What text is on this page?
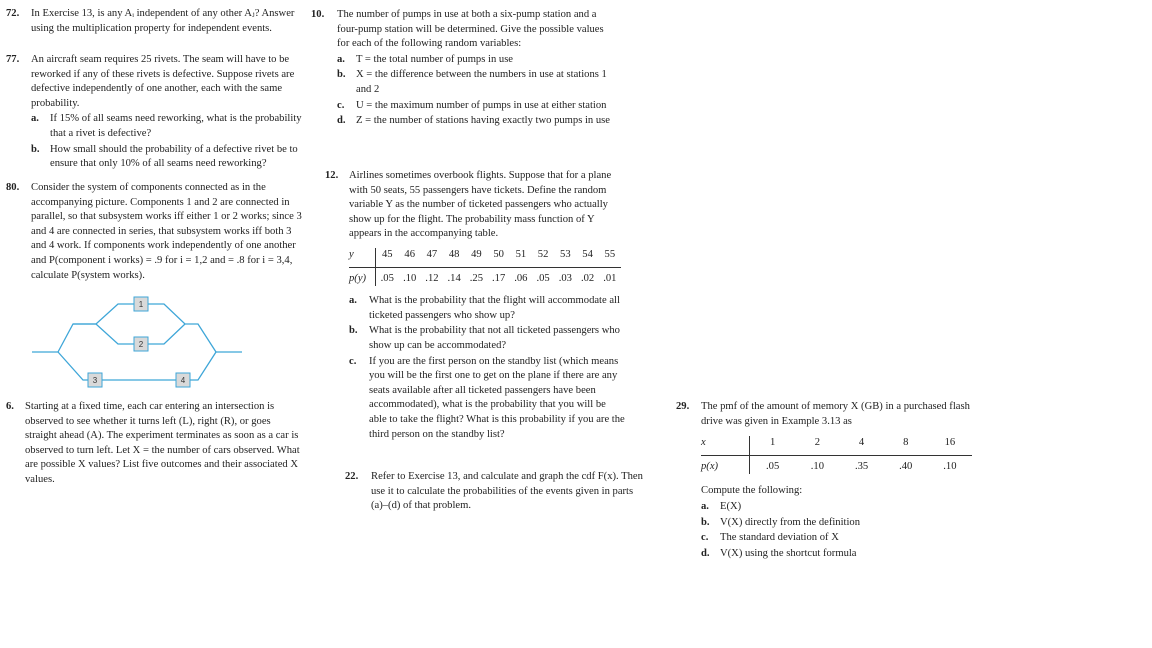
72.	In Exercise 13, is any Aᵢ independent of any other Aⱼ? Answer using the multiplication property for independent events.
77.	An aircraft seam requires 25 rivets. The seam will have to be reworked if any of these rivets is defective. Suppose rivets are defective independently of one another, each with the same probability.
a. If 15% of all seams need reworking, what is the probability that a rivet is defective?
b. How small should the probability of a defective rivet be to ensure that only 10% of all seams need reworking?
80.	Consider the system of components connected as in the accompanying picture. Components 1 and 2 are connected in parallel, so that subsystem works iff either 1 or 2 works; since 3 and 4 are connected in series, that subsystem works iff both 3 and 4 work. If components work independently of one another and P(component i works) = .9 for i = 1,2 and = .8 for i = 3,4, calculate P(system works).
1
2
3	4
6.	Starting at a fixed time, each car entering an intersection is observed to see whether it turns left (L), right (R), or goes straight ahead (A). The experiment terminates as soon as a car is observed to turn left. Let X = the number of cars observed. What are possible X values? List five outcomes and their associated X values.
10.	The number of pumps in use at both a six-pump station and a four-pump station will be determined. Give the possible values for each of the following random variables:
a. T = the total number of pumps in use
b. X = the difference between the numbers in use at stations 1 and 2
c. U = the maximum number of pumps in use at either station
d. Z = the number of stations having exactly two pumps in use
12.	Airlines sometimes overbook flights. Suppose that for a plane with 50 seats, 55 passengers have tickets. Define the random variable Y as the number of ticketed passengers who actually show up for the flight. The probability mass function of Y appears in the accompanying table.
y	45	46	47	48	49	50	51	52	53	54	55
p(y)	.05	.10	.12	.14	.25	.17	.06	.05	.03	.02	.01
a. What is the probability that the flight will accommodate all ticketed passengers who show up?
b. What is the probability that not all ticketed passengers who show up can be accommodated?
c. If you are the first person on the standby list (which means you will be the first one to get on the plane if there are any seats available after all ticketed passengers have been accommodated), what is the probability that you will be able to take the flight? What is this probability if you are the third person on the standby list?
22.	Refer to Exercise 13, and calculate and graph the cdf F(x). Then use it to calculate the probabilities of the events given in parts (a)–(d) of that problem.
29.	The pmf of the amount of memory X (GB) in a purchased flash drive was given in Example 3.13 as
x	1	2	4	8	16
p(x)	.05	.10	.35	.40	.10
Compute the following:
a. E(X)
b. V(X) directly from the definition
c. The standard deviation of X
d. V(X) using the shortcut formula
